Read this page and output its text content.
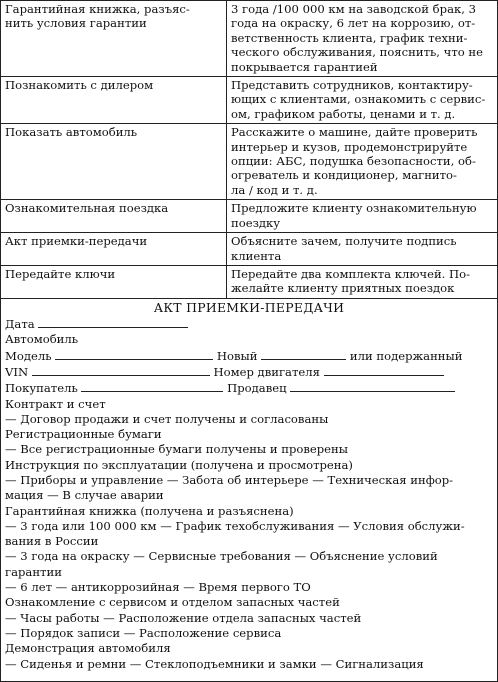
Гарантийная книжка, разъяс-
нить условия гарантии	3 года /100 000 км на заводской брак, 3
года на окраску, 6 лет на коррозию, от-
ветственность клиента, график техни-
ческого обслуживания, пояснить, что не
покрывается гарантией
Познакомить с дилером	Представить сотрудников, контактиру-
ющих с клиентами, ознакомить с сервис-
ом, графиком работы, ценами и т. д.
Показать автомобиль	Расскажите о машине, дайте проверить
интерьер и кузов, продемонстрируйте
опции: АБС, подушка безопасности, об-
огреватель и кондиционер, магнито-
ла / код и т. д.
Ознакомительная поездка	Предложите клиенту ознакомительную
поездку
Акт приемки-передачи	Объясните зачем, получите подпись
клиента
Передайте ключи	Передайте два комплекта ключей. По-
желайте клиенту приятных поездок
АКТ ПРИЕМКИ-ПЕРЕДАЧИ
Дата
Автомобиль
Модель	Новый	или подержанный
VIN	Номер двигателя
Покупатель	Продавец
Контракт и счет
— Договор продажи и счет получены и согласованы
Регистрационные бумаги
— Все регистрационные бумаги получены и проверены
Инструкция по эксплуатации (получена и просмотрена)
— Приборы и управление — Забота об интерьере — Техническая инфор-
мация — В случае аварии
Гарантийная книжка (получена и разъяснена)
— 3 года или 100 000 км — График техобслуживания — Условия обслужи-
вания в России
— 3 года на окраску — Сервисные требования — Объяснение условий
гарантии
— 6 лет — антикоррозийная — Время первого ТО
Ознакомление с сервисом и отделом запасных частей
— Часы работы — Расположение отдела запасных частей
— Порядок записи — Расположение сервиса
Демонстрация автомобиля
— Сиденья и ремни — Стеклоподъемники и замки — Сигнализация
